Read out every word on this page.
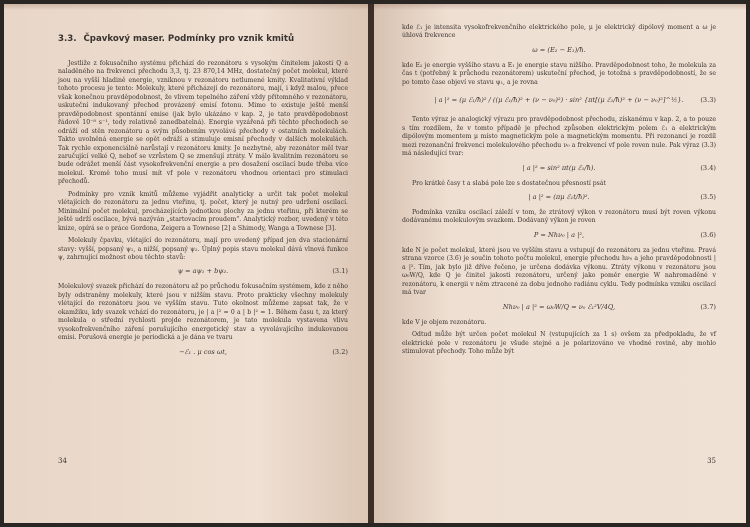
3.3. Čpavkový maser. Podmínky pro vznik kmitů

Jestliže z fokusačního systému přichází do rezonátoru s vysokým činitelem jakosti Q a naladěného na frekvenci přechodu 3,3, tj. 23 870,14 MHz, dostatečný počet molekul, které jsou na vyšší hladině energie, vzniknou v rezonátoru netlumené kmity. Kvalitativní výklad tohoto procesu je tento: Molekuly, které přicházejí do rezonátoru, mají, i když malou, přece však konečnou pravděpodobnost, že vlivem tepelného záření vždy přítomného v rezonátoru, uskuteční indukovaný přechod provázený emisí fotonu. Mimo to existuje ještě menší pravděpodobnost spontánní emise (jak bylo ukázáno v kap. 2, je tato pravděpodobnost řádově 10⁻⁸ s⁻¹, tedy relativně zanedbatelná). Energie vyzářená při těchto přechodech se odráží od stěn rezonátoru a svým působením vyvolává přechody v ostatních molekulách. Takto uvolněná energie se opět odráží a stimuluje emisní přechody v dalších molekulách. Tak rychle exponenciálně narůstají v rezonátoru kmity. Je nezbytné, aby rezonátor měl tvar zaručující velké Q, neboť se vzrůstem Q se zmenšují ztráty. V málo kvalitním rezonátoru se bude odrážet menší část vysokofrekvenční energie a pro dosažení oscilací bude třeba více molekul. Kromě toho musí mít vf pole v rezonátoru vhodnou orientaci pro stimulaci přechodů.

Podmínky pro vznik kmitů můžeme vyjádřit analyticky a určit tak počet molekul vlétajících do rezonátoru za jednu vteřinu, tj. počet, který je nutný pro udržení oscilací. Minimální počet molekul, procházejících jednotkou plochy za jednu vteřinu, při kterém se ještě udrží oscilace, bývá nazýván „startovacím proudem". Analytický rozbor, uvedený v této knize, opírá se o práce Gordona, Zeigera a Townese [2] a Shimody, Wanga a Townese [3].

Molekuly čpavku, vlétající do rezonátoru, mají pro uvedený případ jen dva stacionární stavy: vyšší, popsaný ψ₁, a nižší, popsaný ψ₂. Úplný popis stavu molekul dává vlnová funkce ψ, zahrnující možnost obou těchto stavů:

ψ = aψ₁ + bψ₂.	(3.1)

Molekulový svazek přichází do rezonátoru až po průchodu fokusačním systémem, kde z něho byly odstraněny molekuly, které jsou v nižším stavu. Proto prakticky všechny molekuly vlétající do rezonátoru jsou ve vyšším stavu. Tuto okolnost můžeme zapsat tak, že v okamžiku, kdy svazek vchází do rezonátoru, je | a |² = 0 a | b |² = 1. Během času t, za který molekula o střední rychlosti projde rezonátorem, je tato molekula vystavena vlivu vysokofrekvenčního záření porušujícího energetický stav a vyvolávajícího indukovanou emisi. Porušová energie je periodická a je dána ve tvaru

−ℰ₁ . μ cos ωt,	(3.2)
34

kde ℰ₁ je intensita vysokofrekvenčního elektrického pole, μ je elektrický dipólový moment a ω je úhlová frekvence

ω = (E₂ − E₁)/ħ.

kde E₂ je energie vyššího stavu a E₁ je energie stavu nižšího. Pravděpodobnost toho, že molekula za čas t (potřebný k průchodu rezonátorem) uskuteční přechod, je totožná s pravděpodobností, že se po tomto čase objeví ve stavu ψ₁, a je rovna

| a |² = (μ ℰ₁/ħ)² / ((μ ℰ₁/ħ)² + (ν − ν₀)²) · sin² {πt[(μ ℰ₁/ħ)² + (ν − ν₀)²]^½}.	(3.3)

Tento výraz je analogický výrazu pro pravděpodobnost přechodu, získanému v kap. 2, a to pouze s tím rozdílem, že v tomto případě je přechod způsoben elektrickým polem ℰ₁ a elektrickým dipólovým momentem μ místo magnetickým pole a magnetickým momentu. Při rezonanci je rozdíl mezi rezonanční frekvencí molekulového přechodu ν₀ a frekvencí vf pole roven nule. Pak výraz (3.3) má následující tvar:

| a |² = sin² πt(μ ℰ₁/ħ).	(3.4)

Pro krátké časy t a slabá pole lze s dostatečnou přesností psát

| a |² = (πμ ℰ₁t/ħ)².	(3.5)

Podmínka vzniku oscilací záleží v tom, že ztrátový výkon v rezonátoru musí být roven výkonu dodávanému molekulovým svazkem. Dodávaný výkon je roven

P = Nhν₀ | a |²,	(3.6)

kde N je počet molekul, které jsou ve vyšším stavu a vstupují do rezonátoru za jednu vteřinu. Pravá strana vzorce (3.6) je součin tohoto počtu molekul, energie přechodu hν₀ a jeho pravděpodobnosti | a |². Tím, jak bylo již dříve řečeno, je určena dodávka výkonu. Ztráty výkonu v rezonátoru jsou ω₀W/Q, kde Q je činitel jakosti rezonátoru, určený jako poměr energie W nahromaděné v rezonátoru, k energii v něm ztracené za dobu jednoho radiánu cyklu. Tedy podmínka vzniku oscilací má tvar

Nhν₀ | a |² = ω₀W/Q = ν₀ ℰ₁²V/4Q,	(3.7)

kde V je objem rezonátoru.

Odtud může být určen počet molekul N (vstupujících za 1 s) ovšem za předpokladu, že vf elektrické pole v rezonátoru je všude stejné a je polarizováno ve vhodné rovině, aby mohlo stimulovat přechody. Toho může být

35
